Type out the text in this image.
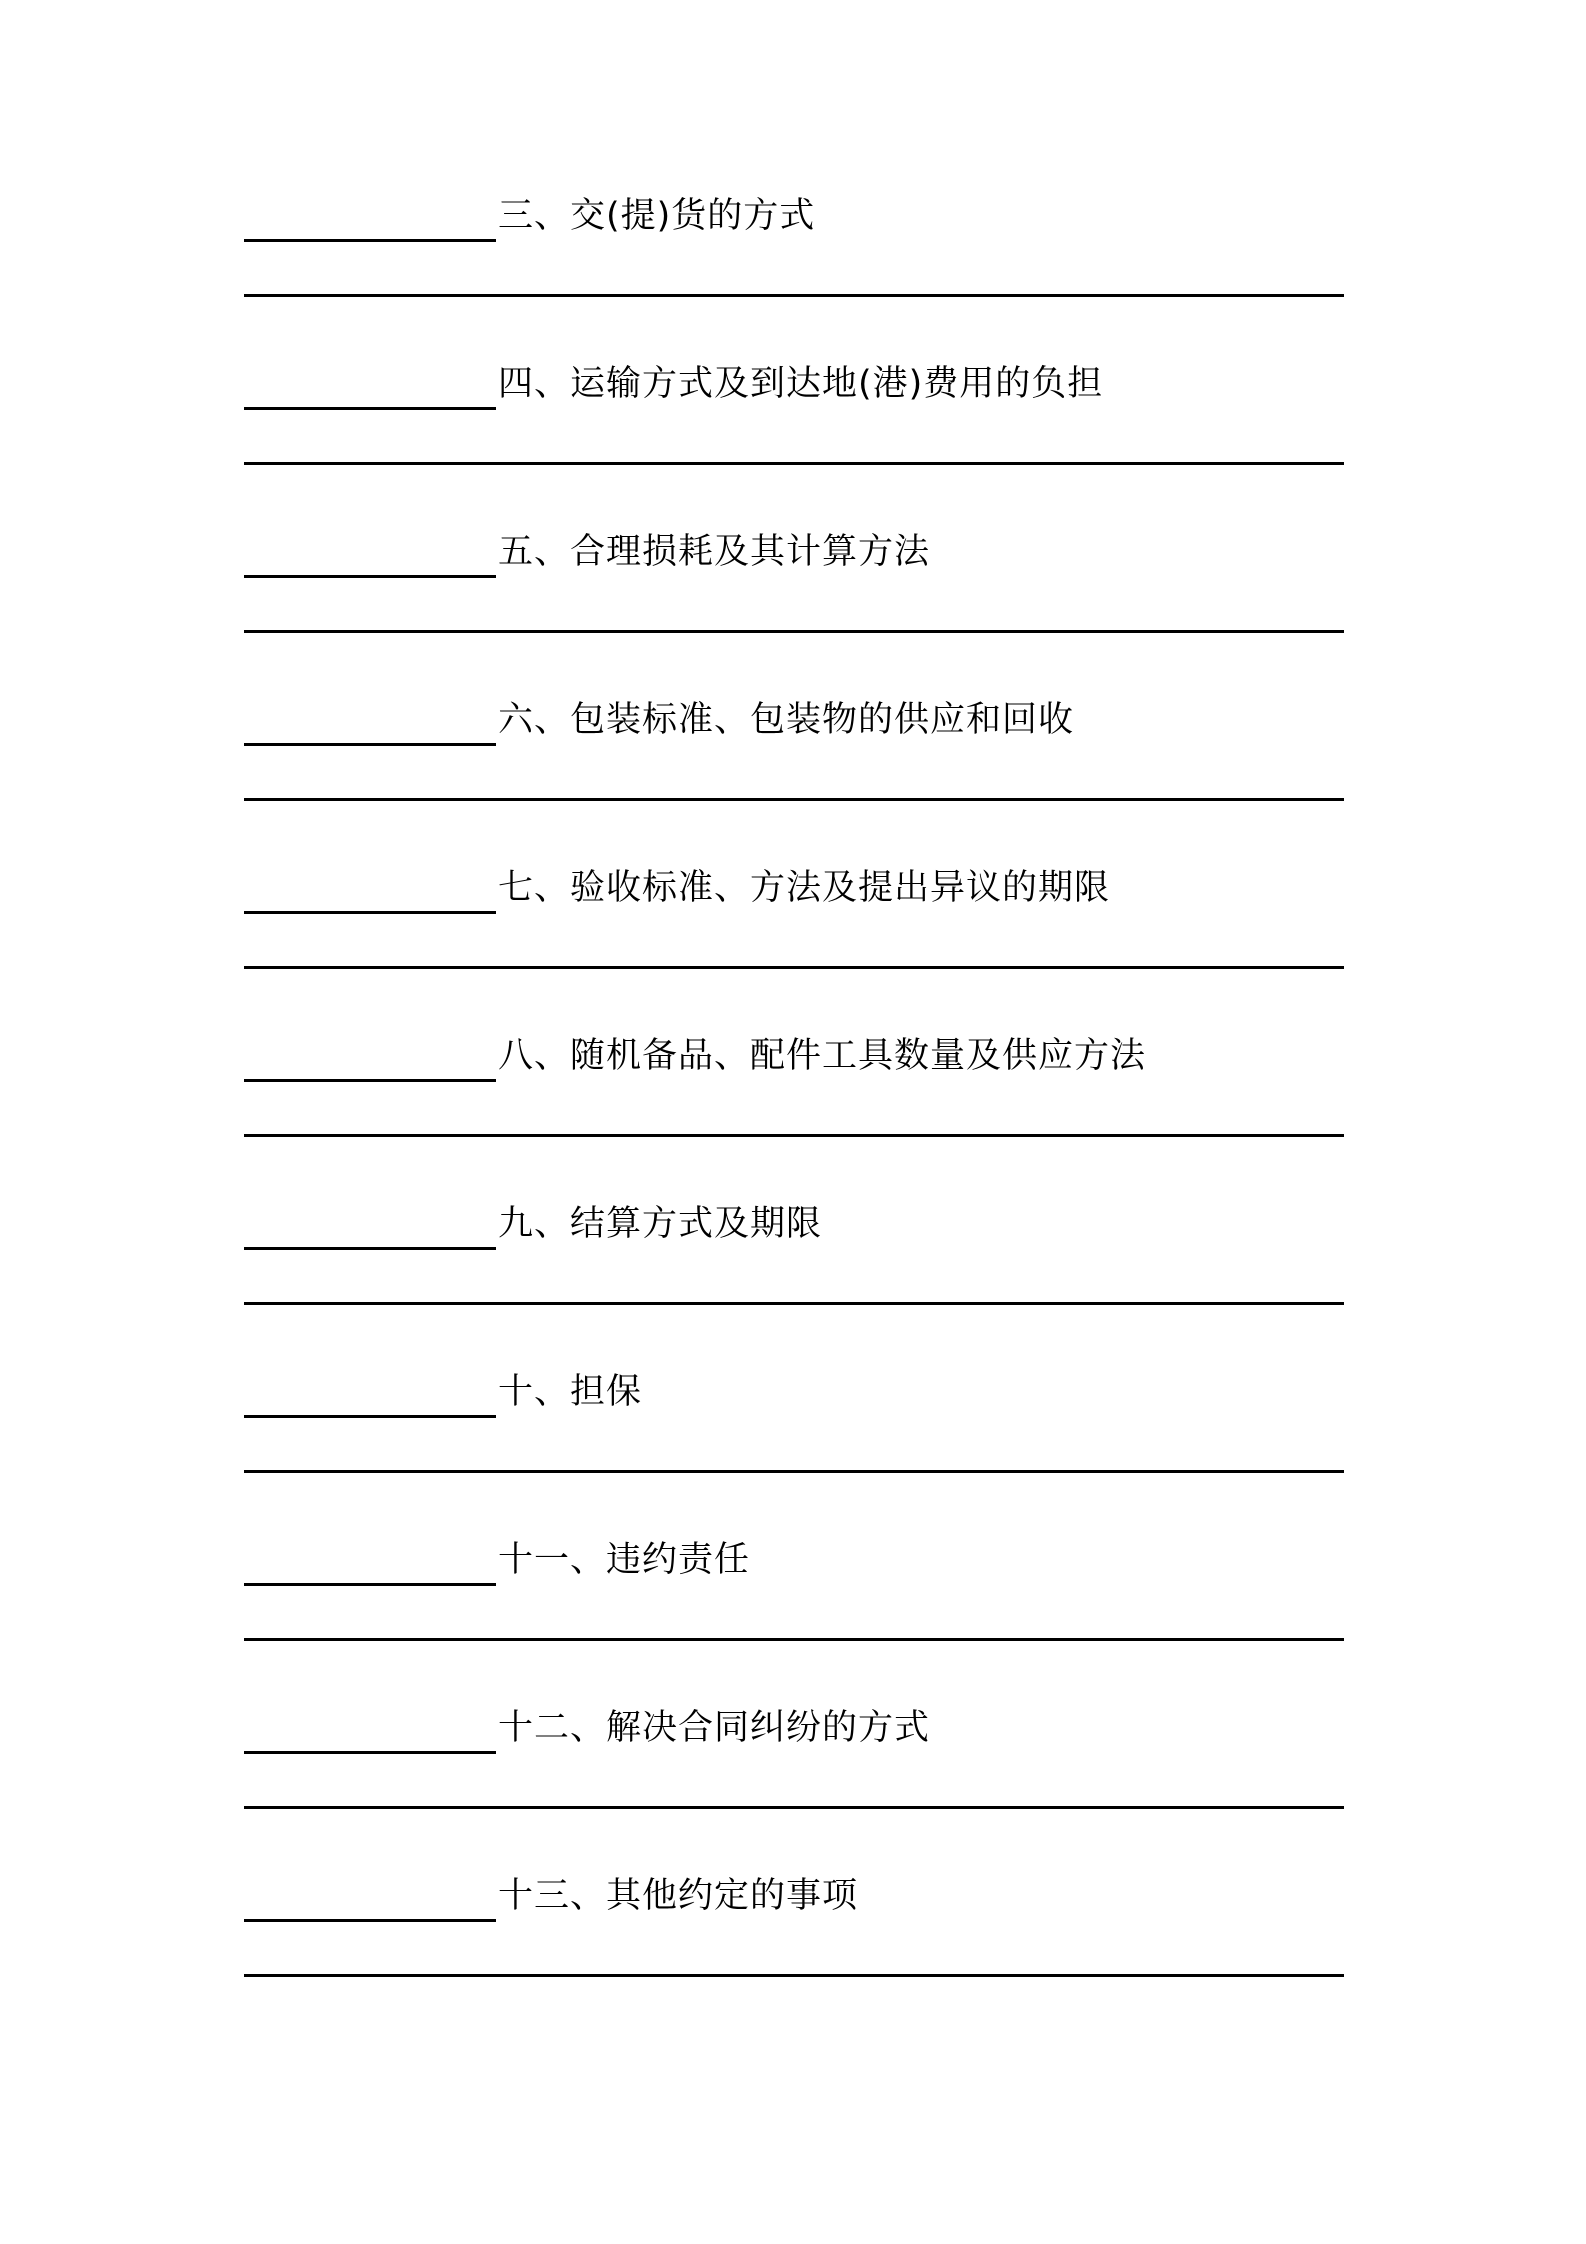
三、交(提)货的方式
四、运输方式及到达地(港)费用的负担
五、合理损耗及其计算方法
六、包装标准、包装物的供应和回收
七、验收标准、方法及提出异议的期限
八、随机备品、配件工具数量及供应方法
九、结算方式及期限
十、担保
十一、违约责任
十二、解决合同纠纷的方式
十三、其他约定的事项
